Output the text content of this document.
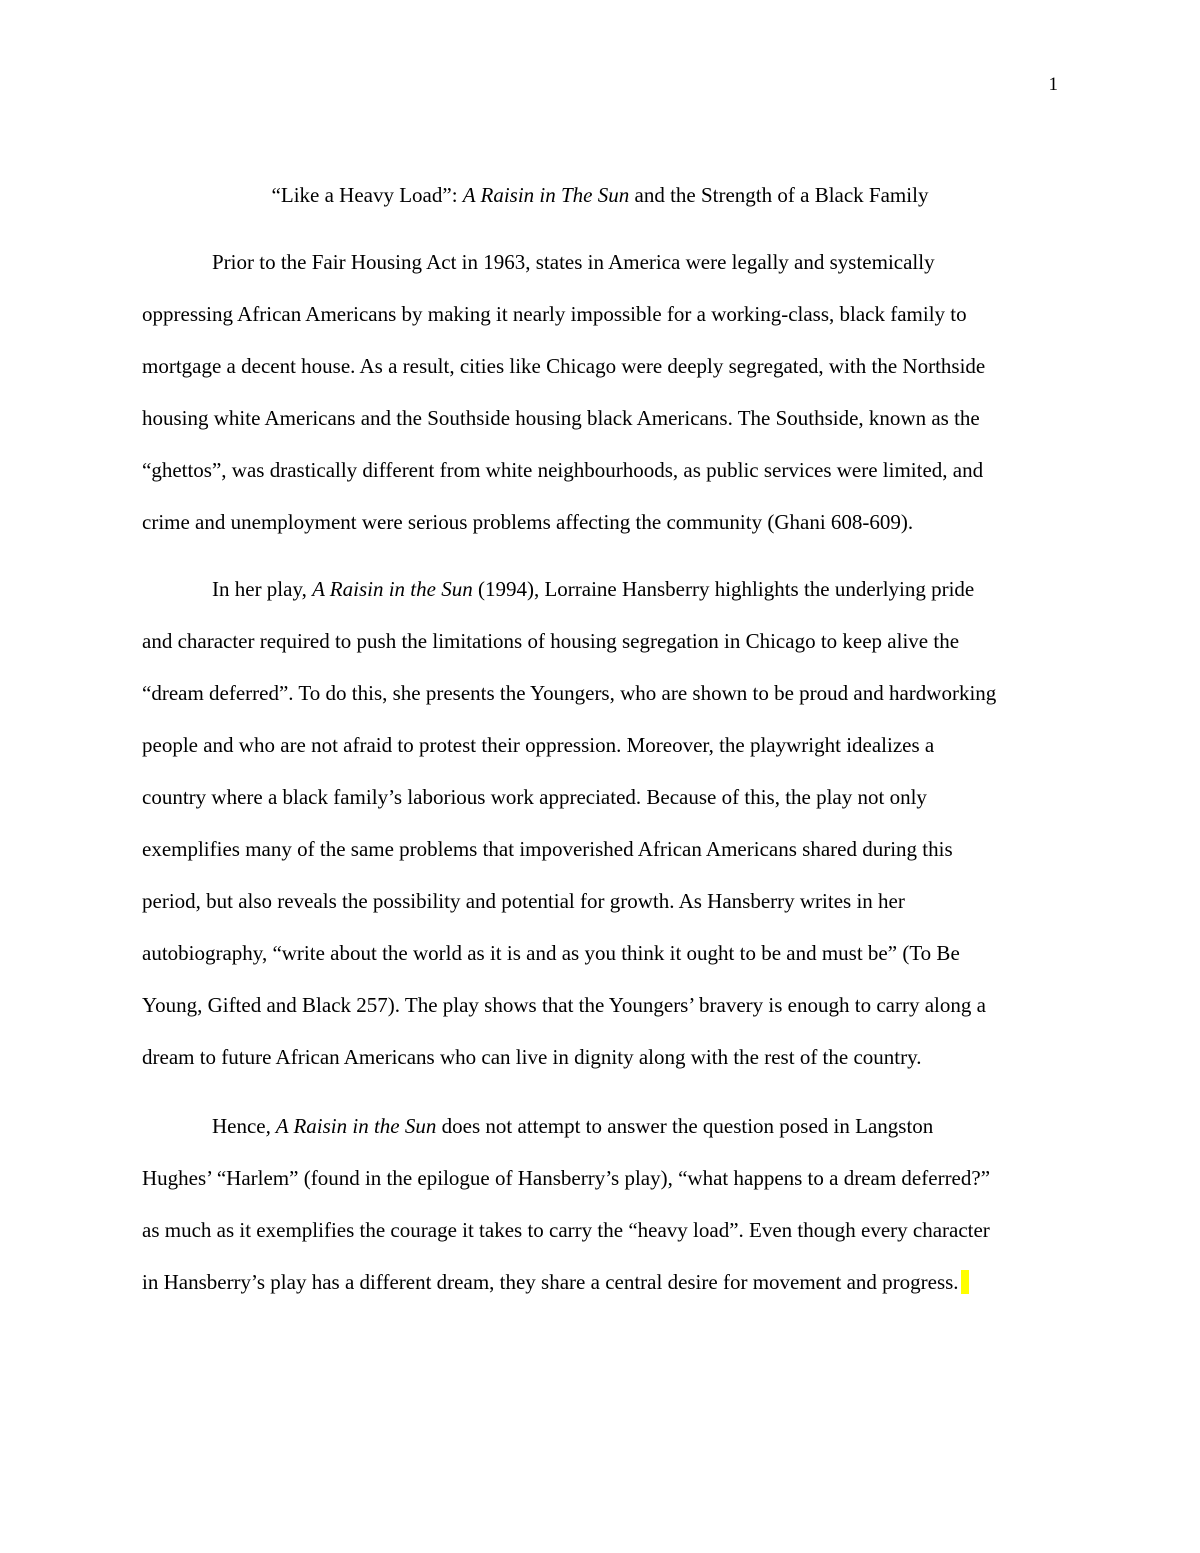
1
“Like a Heavy Load”: A Raisin in The Sun and the Strength of a Black Family
Prior to the Fair Housing Act in 1963, states in America were legally and systemically
oppressing African Americans by making it nearly impossible for a working-class, black family to
mortgage a decent house. As a result, cities like Chicago were deeply segregated, with the Northside
housing white Americans and the Southside housing black Americans. The Southside, known as the
“ghettos”, was drastically different from white neighbourhoods, as public services were limited, and
crime and unemployment were serious problems affecting the community (Ghani 608-609).
In her play, A Raisin in the Sun (1994), Lorraine Hansberry highlights the underlying pride
and character required to push the limitations of housing segregation in Chicago to keep alive the
“dream deferred”. To do this, she presents the Youngers, who are shown to be proud and hardworking
people and who are not afraid to protest their oppression. Moreover, the playwright idealizes a
country where a black family’s laborious work appreciated. Because of this, the play not only
exemplifies many of the same problems that impoverished African Americans shared during this
period, but also reveals the possibility and potential for growth. As Hansberry writes in her
autobiography, “write about the world as it is and as you think it ought to be and must be” (To Be
Young, Gifted and Black 257). The play shows that the Youngers’ bravery is enough to carry along a
dream to future African Americans who can live in dignity along with the rest of the country.
Hence, A Raisin in the Sun does not attempt to answer the question posed in Langston
Hughes’ “Harlem” (found in the epilogue of Hansberry’s play), “what happens to a dream deferred?”
as much as it exemplifies the courage it takes to carry the “heavy load”. Even though every character
in Hansberry’s play has a different dream, they share a central desire for movement and progress.
